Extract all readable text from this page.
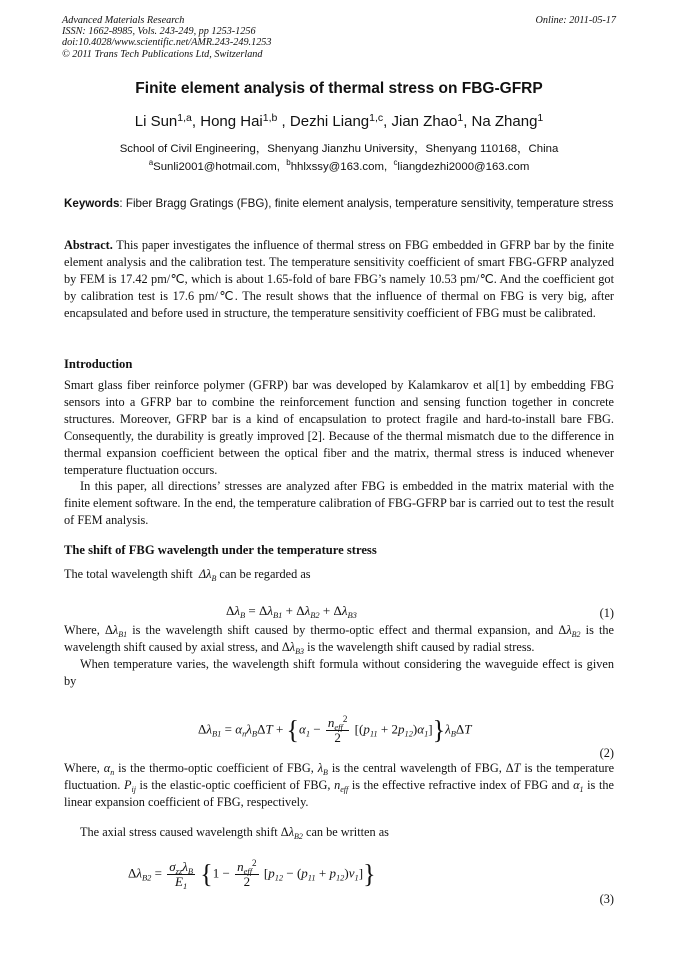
Advanced Materials Research
ISSN: 1662-8985, Vols. 243-249, pp 1253-1256
doi:10.4028/www.scientific.net/AMR.243-249.1253
© 2011 Trans Tech Publications Ltd, Switzerland
Online: 2011-05-17
Finite element analysis of thermal stress on FBG-GFRP
Li Sun$^{1,a}$, Hong Hai$^{1,b}$ , Dezhi Liang$^{1,c}$, Jian Zhao$^1$, Na Zhang$^1$
School of Civil Engineering，Shenyang Jianzhu University，Shenyang 110168，China
$^a$Sunli2001@hotmail.com,  $^b$hhlxssy@163.com,  $^c$liangdezhi2000@163.com
Keywords: Fiber Bragg Gratings (FBG), finite element analysis, temperature sensitivity, temperature stress

Abstract. This paper investigates the influence of thermal stress on FBG embedded in GFRP bar by the finite element analysis and the calibration test. The temperature sensitivity coefficient of smart FBG-GFRP analyzed by FEM is 17.42 pm/℃, which is about 1.65-fold of bare FBG’s namely 10.53 pm/℃. And the coefficient got by calibration test is 17.6 pm/℃. The result shows that the influence of thermal on FBG is very big, after encapsulated and before used in structure, the temperature sensitivity coefficient of FBG must be calibrated.

Introduction

Smart glass fiber reinforce polymer (GFRP) bar was developed by Kalamkarov et al[1] by embedding FBG sensors into a GFRP bar to combine the reinforcement function and sensing function together in concrete structures. Moreover, GFRP bar is a kind of encapsulation to protect fragile and hard-to-install bare FBG. Consequently, the durability is greatly improved [2]. Because of the thermal mismatch due to the difference in thermal expansion coefficient between the optical fiber and the matrix, thermal stress is induced whenever temperature fluctuation occurs.

In this paper, all directions’ stresses are analyzed after FBG is embedded in the matrix material with the finite element software. In the end, the temperature calibration of FBG-GFRP bar is carried out to test the result of FEM analysis.

The shift of FBG wavelength under the temperature stress
The total wavelength shift  $\Delta\lambda_B$ can be regarded as
$\Delta\lambda_B = \Delta\lambda_{B1} + \Delta\lambda_{B2} + \Delta\lambda_{B3}$	(1)
Where, $\Delta\lambda_{B1}$ is the wavelength shift caused by thermo-optic effect and thermal expansion, and $\Delta\lambda_{B2}$ is the wavelength shift caused by axial stress, and $\Delta\lambda_{B3}$ is the wavelength shift caused by radial stress.

When temperature varies, the wavelength shift formula without considering the waveguide effect is given by

$\Delta\lambda_{B1} = \alpha_n\lambda_B\Delta T + \{\alpha_1 - \frac{n_{eff}^2}{2} [(p_{11} + 2p_{12})\alpha_1]\}\lambda_B\Delta T$
(2)
Where, $\alpha_n$ is the thermo-optic coefficient of FBG, $\lambda_B$ is the central wavelength of FBG, ΔT is the temperature fluctuation. $P_{ij}$ is the elastic-optic coefficient of FBG, $n_{eff}$ is the effective refractive index of FBG and $\alpha_1$ is the linear expansion coefficient of FBG, respectively.
The axial stress caused wavelength shift $\Delta\lambda_{B2}$ can be written as
$\Delta\lambda_{B2} = \frac{\sigma_{zz}\lambda_B}{E_1} \{1 - \frac{n_{eff}^2}{2} [p_{12} - (p_{11} + p_{12})\nu_1]\}$
(3)
